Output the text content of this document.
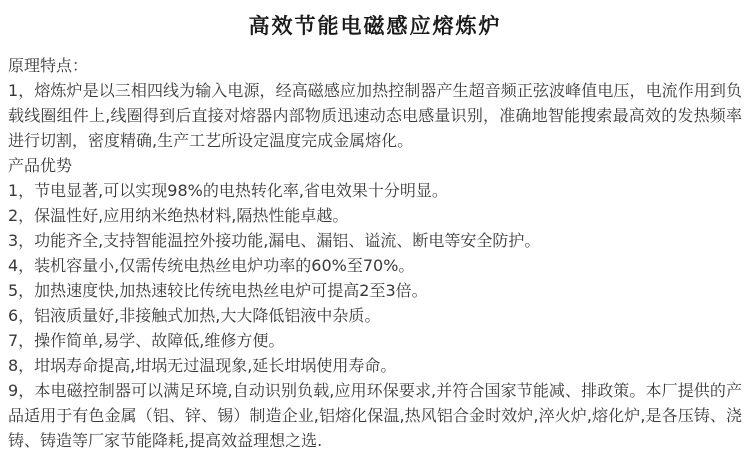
高效节能电磁感应熔炼炉

原理特点：

1，熔炼炉是以三相四线为输入电源，经高磁感应加热控制器产生超音频正弦波峰值电压，电流作用到负载线圈组件上,线圈得到后直接对熔器内部物质迅速动态电感量识别，准确地智能搜索最高效的发热频率进行切割，密度精确,生产工艺所设定温度完成金属熔化。

产品优势

1，节电显著,可以实现98%的电热转化率,省电效果十分明显。

2，保温性好,应用纳米绝热材料,隔热性能卓越。

3，功能齐全,支持智能温控外接功能,漏电、漏铝、谥流、断电等安全防护。

4，装机容量小,仅需传统电热丝电炉功率的60%至70%。

5，加热速度快,加热速较比传统电热丝电炉可提高2至3倍。

6，铝液质量好,非接触式加热,大大降低铝液中杂质。

7，操作简单,易学、故障低,维修方便。

8，坩埚寿命提高,坩埚无过温现象,延长坩埚使用寿命。

9，本电磁控制器可以满足环境,自动识别负载,应用环保要求,并符合国家节能减、排政策。本厂提供的产品适用于有色金属（铝、锌、锡）制造企业,铝熔化保温,热风铝合金时效炉,淬火炉,熔化炉,是各压铸、浇铸、铸造等厂家节能降耗,提高效益理想之选.
